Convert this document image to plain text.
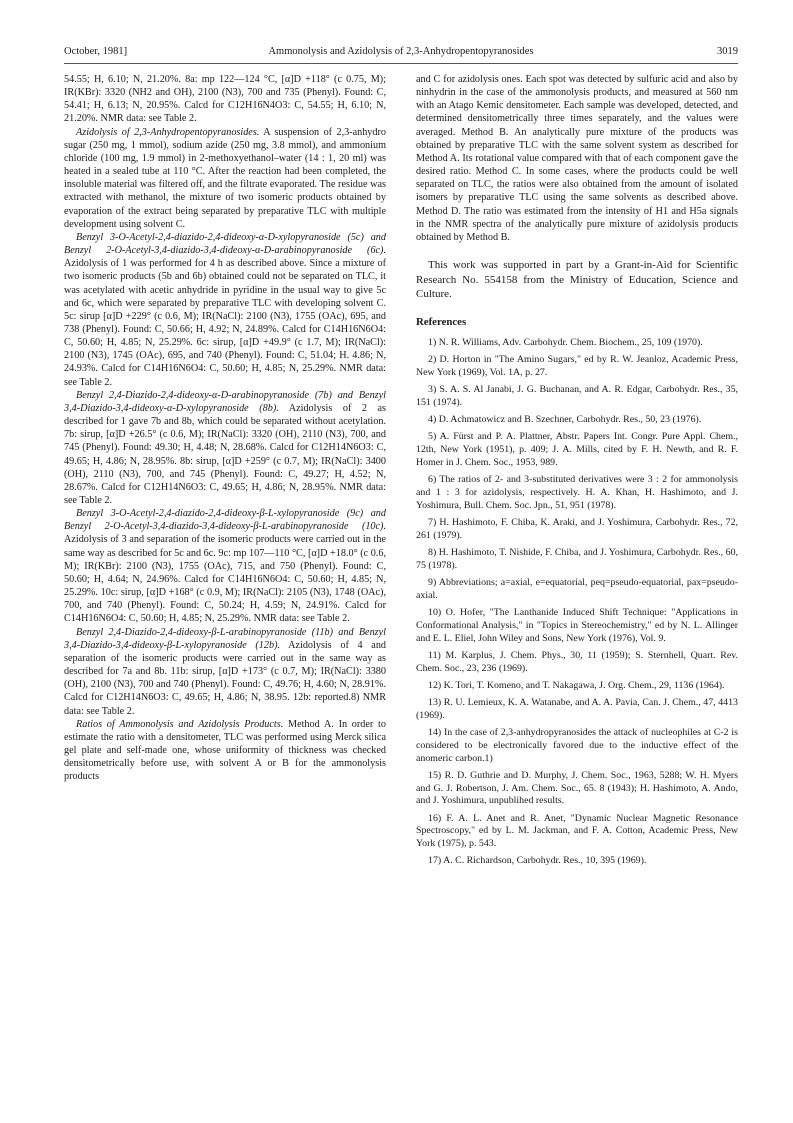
October, 1981]	Ammonolysis and Azidolysis of 2,3-Anhydropentopyranosides	3019

54.55; H, 6.10; N, 21.20%. 8a: mp 122—124 °C, [α]D +118° (c 0.75, M); IR(KBr): 3320 (NH2 and OH), 2100 (N3), 700 and 735 (Phenyl). Found: C, 54.41; H, 6.13; N, 20.95%. Calcd for C12H16N4O3: C, 54.55; H, 6.10; N, 21.20%. NMR data: see Table 2.

Azidolysis of 2,3-Anhydropentopyranosides. A suspension of 2,3-anhydro sugar (250 mg, 1 mmol), sodium azide (250 mg, 3.8 mmol), and ammonium chloride (100 mg, 1.9 mmol) in 2-methoxyethanol–water (14 : 1, 20 ml) was heated in a sealed tube at 110 °C. After the reaction had been completed, the insoluble material was filtered off, and the filtrate evaporated. The residue was extracted with methanol, the mixture of two isomeric products obtained by evaporation of the extract being separated by preparative TLC with multiple development using solvent C.

Benzyl 3-O-Acetyl-2,4-diazido-2,4-dideoxy-α-D-xylopyranoside (5c) and Benzyl 2-O-Acetyl-3,4-diazido-3,4-dideoxy-α-D-arabinopyranoside (6c). Azidolysis of 1 was performed for 4 h as described above. Since a mixture of two isomeric products (5b and 6b) obtained could not be separated on TLC, it was acetylated with acetic anhydride in pyridine in the usual way to give 5c and 6c, which were separated by preparative TLC with developing solvent C. 5c: sirup [α]D +229° (c 0.6, M); IR(NaCl): 2100 (N3), 1755 (OAc), 695, and 738 (Phenyl). Found: C, 50.66; H, 4.92; N, 24.89%. Calcd for C14H16N6O4: C, 50.60; H, 4.85; N, 25.29%. 6c: sirup, [α]D +49.9° (c 1.7, M); IR(NaCl): 2100 (N3), 1745 (OAc), 695, and 740 (Phenyl). Found: C, 51.04; H. 4.86; N, 24.93%. Calcd for C14H16N6O4: C, 50.60; H, 4.85; N, 25.29%. NMR data: see Table 2.

Benzyl 2,4-Diazido-2,4-dideoxy-α-D-arabinopyranoside (7b) and Benzyl 3,4-Diazido-3,4-dideoxy-α-D-xylopyranoside (8b). Azidolysis of 2 as described for 1 gave 7b and 8b, which could be separated without acetylation. 7b: sirup, [α]D +26.5° (c 0.6, M); IR(NaCl): 3320 (OH), 2110 (N3), 700, and 745 (Phenyl). Found: 49.30; H, 4.48; N, 28.68%. Calcd for C12H14N6O3: C, 49.65; H, 4.86; N, 28.95%. 8b: sirup, [α]D +259° (c 0.7, M); IR(NaCl): 3400 (OH), 2110 (N3), 700, and 745 (Phenyl). Found: C, 49.27; H, 4.52; N, 28.67%. Calcd for C12H14N6O3: C, 49.65; H, 4.86; N, 28.95%. NMR data: see Table 2.

Benzyl 3-O-Acetyl-2,4-diazido-2,4-dideoxy-β-L-xylopyranoside (9c) and Benzyl 2-O-Acetyl-3,4-diazido-3,4-dideoxy-β-L-arabinopyranoside (10c). Azidolysis of 3 and separation of the isomeric products were carried out in the same way as described for 5c and 6c. 9c: mp 107—110 °C, [α]D +18.0° (c 0.6, M); IR(KBr): 2100 (N3), 1755 (OAc), 715, and 750 (Phenyl). Found: C, 50.60; H, 4.64; N, 24.96%. Calcd for C14H16N6O4: C, 50.60; H, 4.85; N, 25.29%. 10c: sirup, [α]D +168° (c 0.9, M); IR(NaCl): 2105 (N3), 1748 (OAc), 700, and 740 (Phenyl). Found: C, 50.24; H, 4.59; N, 24.91%. Calcd for C14H16N6O4: C, 50.60; H, 4.85; N, 25.29%. NMR data: see Table 2.

Benzyl 2,4-Diazido-2,4-dideoxy-β-L-arabinopyranoside (11b) and Benzyl 3,4-Diazido-3,4-dideoxy-β-L-xylopyranoside (12b). Azidolysis of 4 and separation of the isomeric products were carried out in the same way as described for 7a and 8b. 11b: sirup, [α]D +173° (c 0.7, M); IR(NaCl): 3380 (OH), 2100 (N3), 700 and 740 (Phenyl). Found: C, 49.76; H, 4.60; N, 28.91%. Calcd for C12H14N6O3: C, 49.65; H, 4.86; N, 38.95. 12b: reported.8) NMR data: see Table 2.

Ratios of Ammonolysis and Azidolysis Products. Method A. In order to estimate the ratio with a densitometer, TLC was performed using Merck silica gel plate and self-made one, whose uniformity of thickness was checked densitometrically before use, with solvent A or B for the ammonolysis products

and C for azidolysis ones. Each spot was detected by sulfuric acid and also by ninhydrin in the case of the ammonolysis products, and measured at 560 nm with an Atago Kemic densitometer. Each sample was developed, detected, and determined densitometrically three times separately, and the values were averaged. Method B. An analytically pure mixture of the products was obtained by preparative TLC with the same solvent system as described for Method A. Its rotational value compared with that of each component gave the desired ratio. Method C. In some cases, where the products could be well separated on TLC, the ratios were also obtained from the amount of isolated isomers by preparative TLC using the same solvents as described above. Method D. The ratio was estimated from the intensity of H1 and H5a signals in the NMR spectra of the analytically pure mixture of azidolysis products obtained by Method B.

This work was supported in part by a Grant-in-Aid for Scientific Research No. 554158 from the Ministry of Education, Science and Culture.

References

1) N. R. Williams, Adv. Carbohydr. Chem. Biochem., 25, 109 (1970).

2) D. Horton in "The Amino Sugars," ed by R. W. Jeanloz, Academic Press, New York (1969), Vol. 1A, p. 27.

3) S. A. S. Al Janabi, J. G. Buchanan, and A. R. Edgar, Carbohydr. Res., 35, 151 (1974).

4) D. Achmatowicz and B. Szechner, Carbohydr. Res., 50, 23 (1976).

5) A. Fürst and P. A. Plattner, Abstr. Papers Int. Congr. Pure Appl. Chem., 12th, New York (1951), p. 409; J. A. Mills, cited by F. H. Newth, and R. F. Homer in J. Chem. Soc., 1953, 989.

6) The ratios of 2- and 3-substituted derivatives were 3 : 2 for ammonolysis and 1 : 3 for azidolysis, respectively. H. A. Khan, H. Hashimoto, and J. Yoshimura, Bull. Chem. Soc. Jpn., 51, 951 (1978).

7) H. Hashimoto, F. Chiba, K. Araki, and J. Yoshimura, Carbohydr. Res., 72, 261 (1979).

8) H. Hashimoto, T. Nishide, F. Chiba, and J. Yoshimura, Carbohydr. Res., 60, 75 (1978).

9) Abbreviations; a=axial, e=equatorial, peq=pseudo-equatorial, pax=pseudo-axial.

10) O. Hofer, "The Lanthanide Induced Shift Technique: "Applications in Conformational Analysis," in "Topics in Stereochemistry," ed by N. L. Allinger and E. L. Eliel, John Wiley and Sons, New York (1976), Vol. 9.

11) M. Karplus, J. Chem. Phys., 30, 11 (1959); S. Sternhell, Quart. Rev. Chem. Soc., 23, 236 (1969).

12) K. Tori, T. Komeno, and T. Nakagawa, J. Org. Chem., 29, 1136 (1964).

13) R. U. Lemieux, K. A. Watanabe, and A. A. Pavia, Can. J. Chem., 47, 4413 (1969).

14) In the case of 2,3-anhydropyranosides the attack of nucleophiles at C-2 is considered to be electronically favored due to the inductive effect of the anomeric carbon.1)

15) R. D. Guthrie and D. Murphy, J. Chem. Soc., 1963, 5288; W. H. Myers and G. J. Robertson, J. Am. Chem. Soc., 65. 8 (1943); H. Hashimoto, A. Ando, and J. Yoshimura, unpublihed results.

16) F. A. L. Anet and R. Anet, "Dynamic Nuclear Magnetic Resonance Spectroscopy," ed by L. M. Jackman, and F. A. Cotton, Academic Press, New York (1975), p. 543.

17) A. C. Richardson, Carbohydr. Res., 10, 395 (1969).
